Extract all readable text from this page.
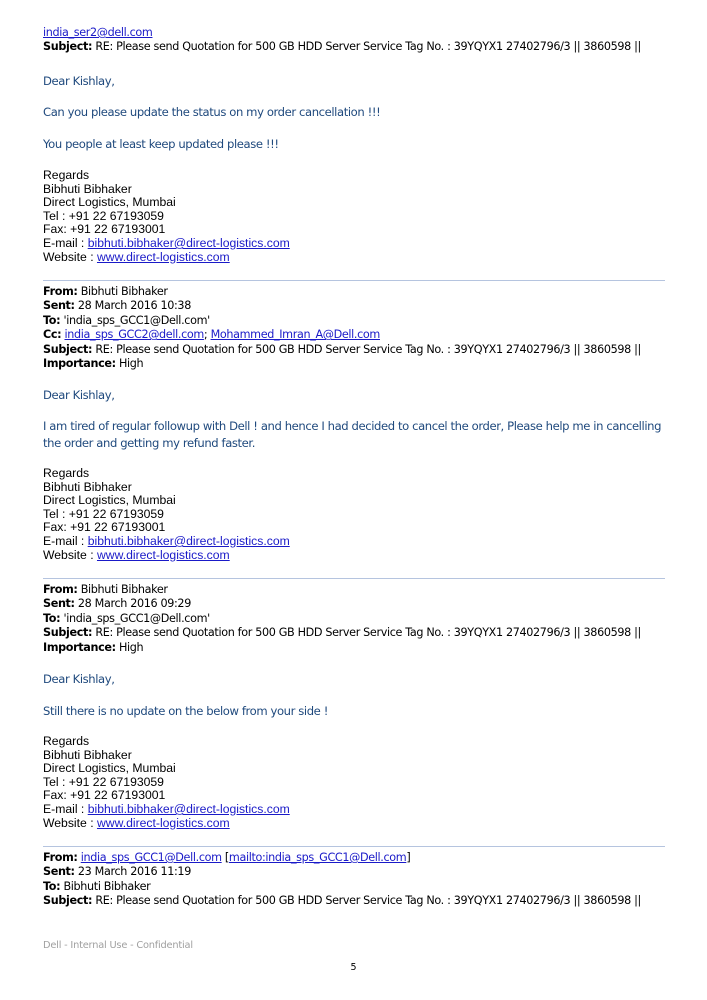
india_ser2@dell.com
Subject: RE: Please send Quotation for 500 GB HDD Server Service Tag No. : 39YQYX1 27402796/3 || 3860598 ||
Dear Kishlay,
Can you please update the status on my order cancellation !!!
You people at least keep updated please !!!
Regards
Bibhuti Bibhaker
Direct Logistics, Mumbai
Tel : +91 22 67193059
Fax: +91 22 67193001
E-mail : bibhuti.bibhaker@direct-logistics.com
Website : www.direct-logistics.com
From: Bibhuti Bibhaker
Sent: 28 March 2016 10:38
To: 'india_sps_GCC1@Dell.com'
Cc: india_sps_GCC2@dell.com; Mohammed_Imran_A@Dell.com
Subject: RE: Please send Quotation for 500 GB HDD Server Service Tag No. : 39YQYX1 27402796/3 || 3860598 ||
Importance: High
Dear Kishlay,
I am tired of regular followup with Dell ! and hence I had decided to cancel the order, Please help me in cancelling the order and getting my refund faster.
Regards
Bibhuti Bibhaker
Direct Logistics, Mumbai
Tel : +91 22 67193059
Fax: +91 22 67193001
E-mail : bibhuti.bibhaker@direct-logistics.com
Website : www.direct-logistics.com
From: Bibhuti Bibhaker
Sent: 28 March 2016 09:29
To: 'india_sps_GCC1@Dell.com'
Subject: RE: Please send Quotation for 500 GB HDD Server Service Tag No. : 39YQYX1 27402796/3 || 3860598 ||
Importance: High
Dear Kishlay,
Still there is no update on the below from your side !
Regards
Bibhuti Bibhaker
Direct Logistics, Mumbai
Tel : +91 22 67193059
Fax: +91 22 67193001
E-mail : bibhuti.bibhaker@direct-logistics.com
Website : www.direct-logistics.com
From: india_sps_GCC1@Dell.com [mailto:india_sps_GCC1@Dell.com]
Sent: 23 March 2016 11:19
To: Bibhuti Bibhaker
Subject: RE: Please send Quotation for 500 GB HDD Server Service Tag No. : 39YQYX1 27402796/3 || 3860598 ||
Dell - Internal Use - Confidential
5
